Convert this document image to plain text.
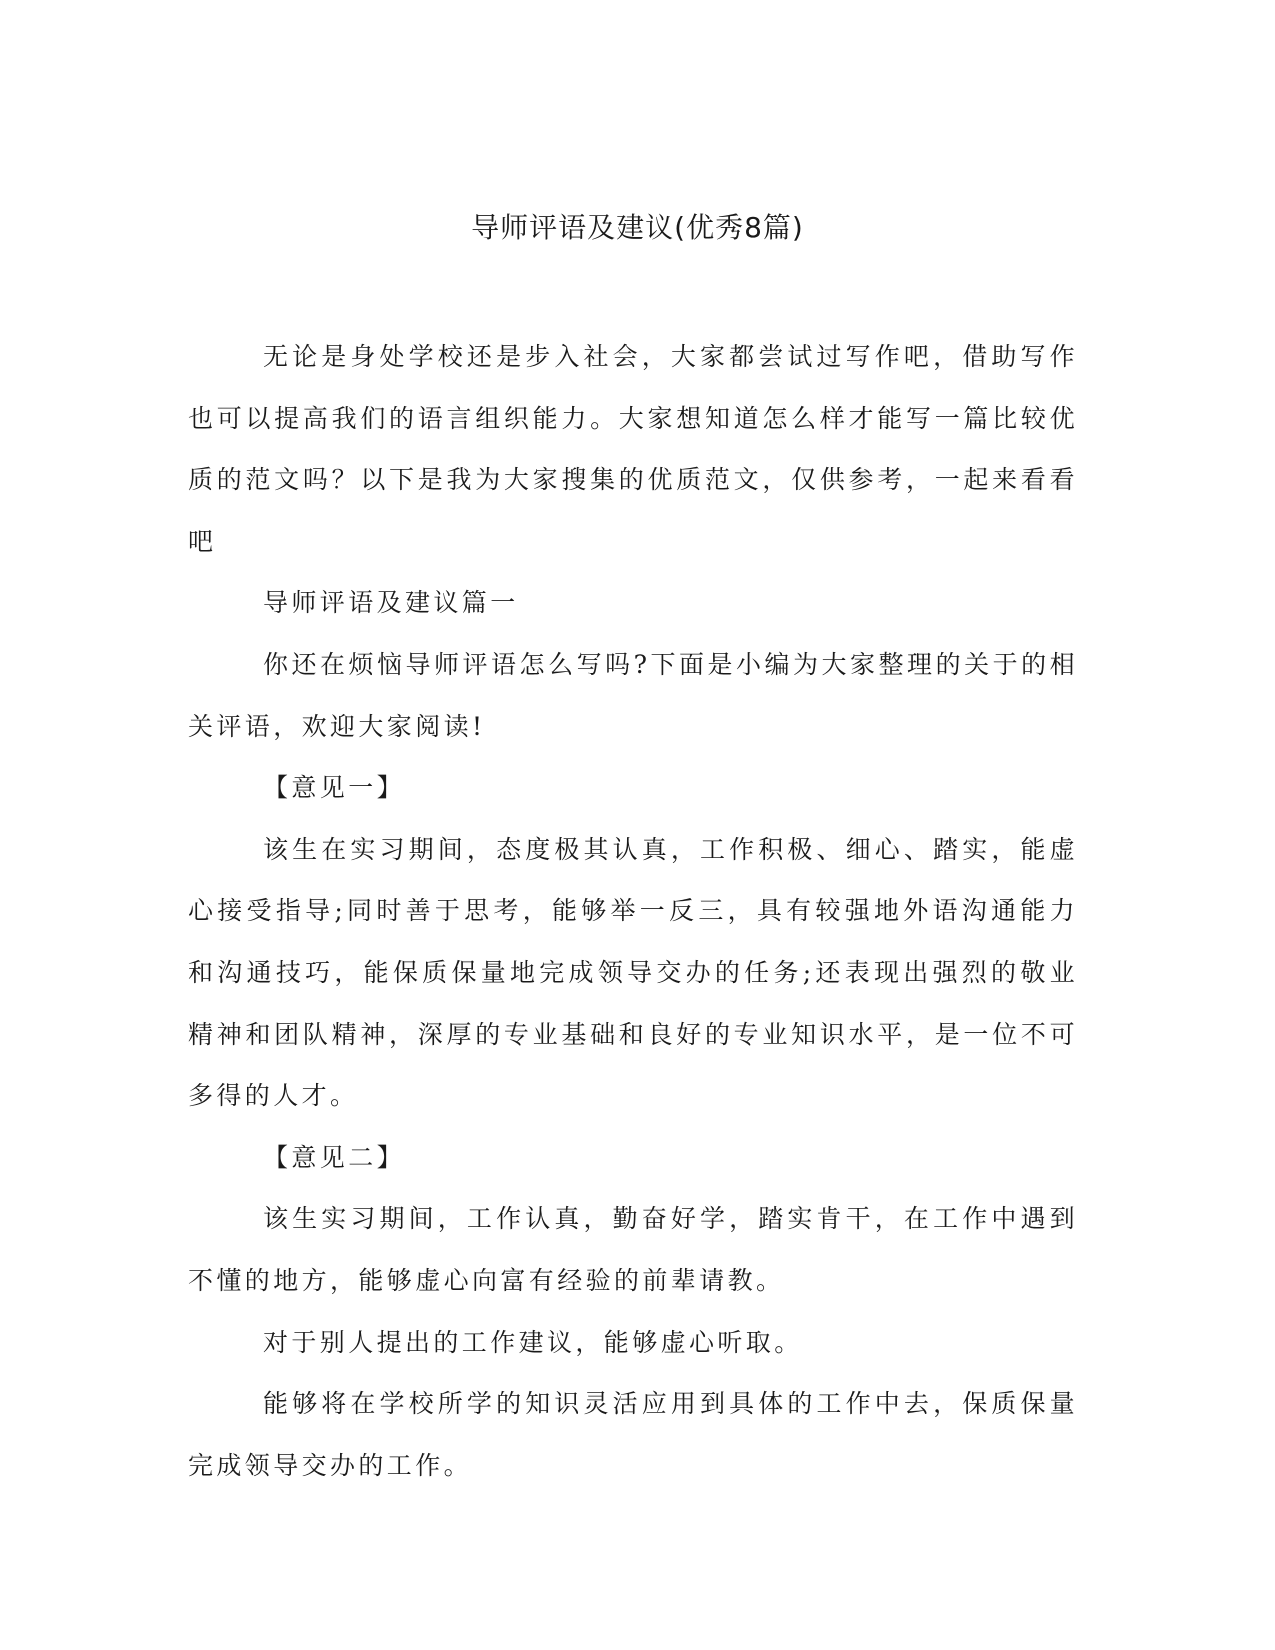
导师评语及建议(优秀8篇)

无论是身处学校还是步入社会，大家都尝试过写作吧，借助写作也可以提高我们的语言组织能力。大家想知道怎么样才能写一篇比较优质的范文吗？以下是我为大家搜集的优质范文，仅供参考，一起来看看吧

导师评语及建议篇一

你还在烦恼导师评语怎么写吗?下面是小编为大家整理的关于的相关评语，欢迎大家阅读!

【意见一】

该生在实习期间，态度极其认真，工作积极、细心、踏实，能虚心接受指导;同时善于思考，能够举一反三，具有较强地外语沟通能力和沟通技巧，能保质保量地完成领导交办的任务;还表现出强烈的敬业精神和团队精神，深厚的专业基础和良好的专业知识水平，是一位不可多得的人才。

【意见二】

该生实习期间，工作认真，勤奋好学，踏实肯干，在工作中遇到不懂的地方，能够虚心向富有经验的前辈请教。

对于别人提出的工作建议，能够虚心听取。

能够将在学校所学的知识灵活应用到具体的工作中去，保质保量完成领导交办的工作。
